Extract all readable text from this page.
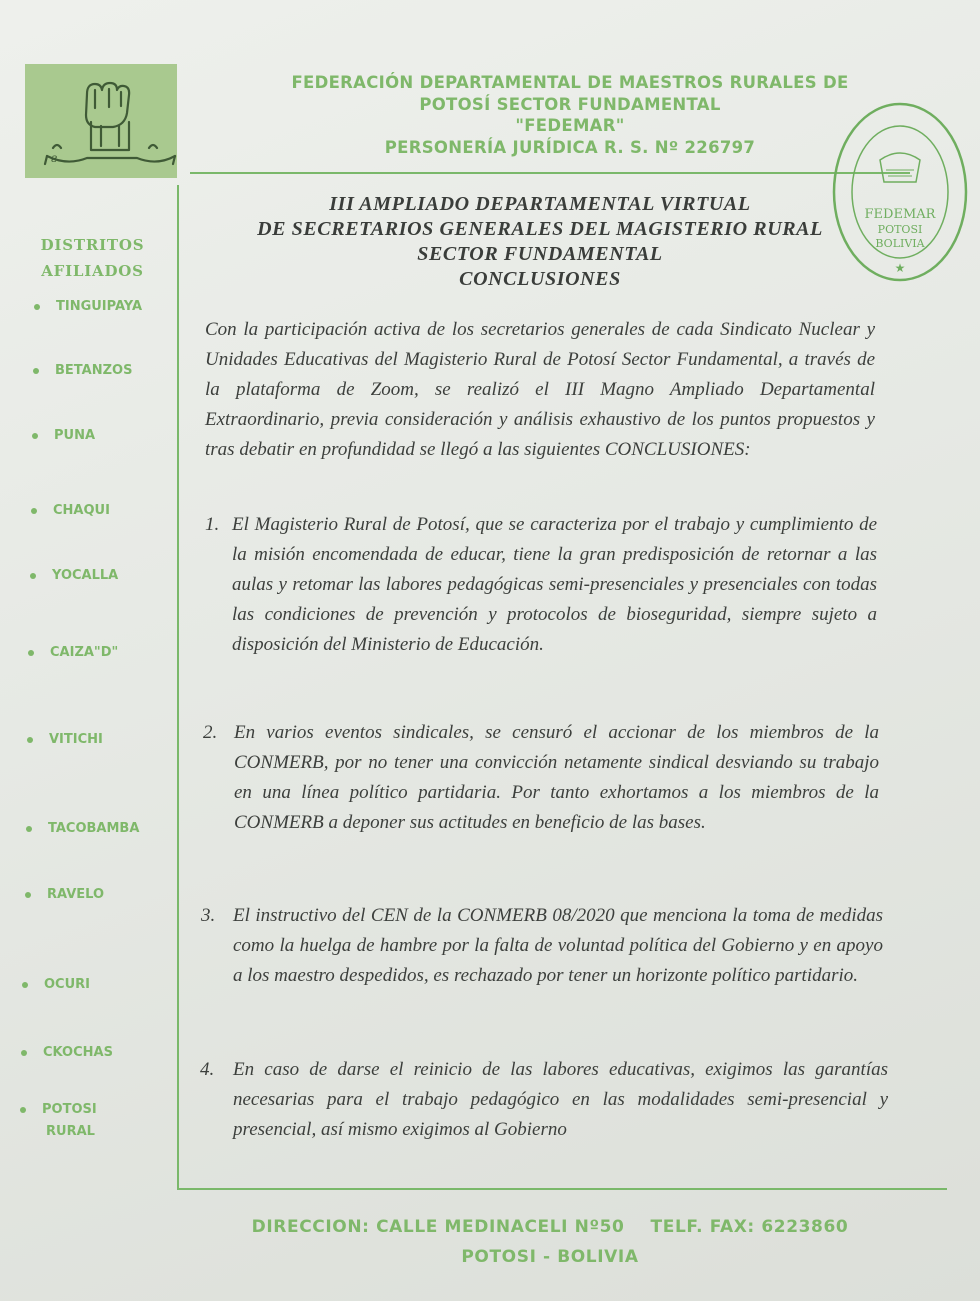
ƨ
FEDERACIÓN DEPARTAMENTAL DE MAESTROS RURALES DE
POTOSÍ SECTOR FUNDAMENTAL
"FEDEMAR"
PERSONERÍA JURÍDICA R. S. Nº 226797
FEDEMAR
POTOSI
BOLIVIA
★
DISTRITOS
AFILIADOS
TINGUIPAYA
BETANZOS
PUNA
CHAQUI
YOCALLA
CAIZA"D"
VITICHI
TACOBAMBA
RAVELO
OCURI
CKOCHAS
POTOSI
RURAL
III AMPLIADO DEPARTAMENTAL VIRTUAL
DE SECRETARIOS GENERALES DEL MAGISTERIO RURAL
SECTOR FUNDAMENTAL
CONCLUSIONES

Con la participación activa de los secretarios generales de cada Sindicato Nuclear y Unidades Educativas del Magisterio Rural de Potosí Sector Fundamental, a través de la plataforma de Zoom, se realizó el III Magno Ampliado Departamental Extraordinario, previa consideración y análisis exhaustivo de los puntos propuestos y tras debatir en profundidad se llegó a las siguientes CONCLUSIONES:

1. El Magisterio Rural de Potosí, que se caracteriza por el trabajo y cumplimiento de la misión encomendada de educar, tiene la gran predisposición de retornar a las aulas y retomar las labores pedagógicas semi-presenciales y presenciales con todas las condiciones de prevención y protocolos de bioseguridad, siempre sujeto a disposición del Ministerio de Educación.

2. En varios eventos sindicales, se censuró el accionar de los miembros de la CONMERB, por no tener una convicción netamente sindical desviando su trabajo en una línea político partidaria. Por tanto exhortamos a los miembros de la CONMERB a deponer sus actitudes en beneficio de las bases.

3. El instructivo del CEN de la CONMERB 08/2020 que menciona la toma de medidas como la huelga de hambre por la falta de voluntad política del Gobierno y en apoyo a los maestro despedidos, es rechazado por tener un horizonte político partidario.

4. En caso de darse el reinicio de las labores educativas, exigimos las garantías necesarias para el trabajo pedagógico en las modalidades semi-presencial y presencial, así mismo exigimos al Gobierno

DIRECCION: CALLE MEDINACELI Nº50    TELF. FAX: 6223860
POTOSI - BOLIVIA
